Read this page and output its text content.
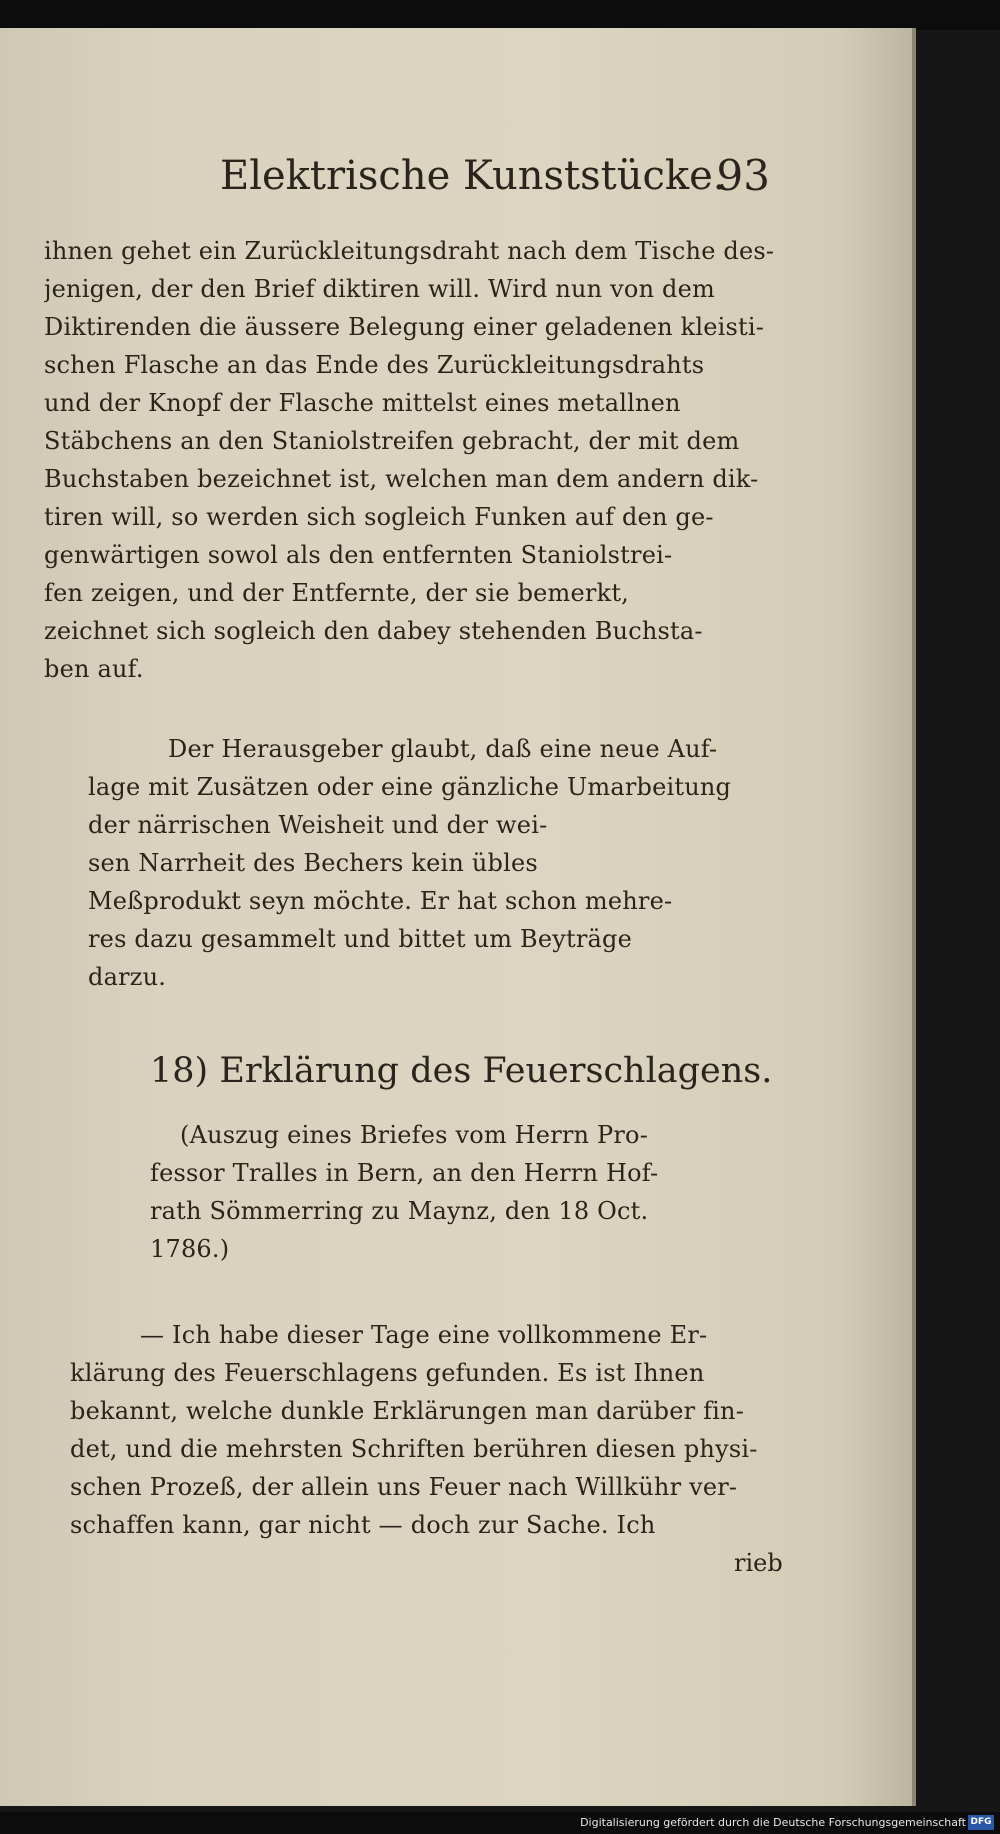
Elektrische Kunststücke.
93
ihnen gehet ein Zurückleitungsdraht nach dem Tische des-
jenigen, der den Brief diktiren will. Wird nun von dem
Diktirenden die äussere Belegung einer geladenen kleisti-
schen Flasche an das Ende des Zurückleitungsdrahts
und der Knopf der Flasche mittelst eines metallnen
Stäbchens an den Staniolstreifen gebracht, der mit dem
Buchstaben bezeichnet ist, welchen man dem andern dik-
tiren will, so werden sich sogleich Funken auf den ge-
genwärtigen sowol als den entfernten Staniolstrei-
fen zeigen, und der Entfernte, der sie bemerkt,
zeichnet sich sogleich den dabey stehenden Buchsta-
ben auf.
Der Herausgeber glaubt, daß eine neue Auf-
lage mit Zusätzen oder eine gänzliche Umarbeitung
der närrischen Weisheit und der wei-
sen Narrheit des Bechers kein übles
Meßprodukt seyn möchte. Er hat schon mehre-
res dazu gesammelt und bittet um Beyträge
darzu.
18) Erklärung des Feuerschlagens.
(Auszug eines Briefes vom Herrn Pro-
fessor Tralles in Bern, an den Herrn Hof-
rath Sömmerring zu Maynz, den 18 Oct.
1786.)
— Ich habe dieser Tage eine vollkommene Er-
klärung des Feuerschlagens gefunden. Es ist Ihnen
bekannt, welche dunkle Erklärungen man darüber fin-
det, und die mehrsten Schriften berühren diesen physi-
schen Prozeß, der allein uns Feuer nach Willkühr ver-
schaffen kann, gar nicht — doch zur Sache. Ich
rieb
Digitalisierung gefördert durch die Deutsche Forschungsgemeinschaft DFG
